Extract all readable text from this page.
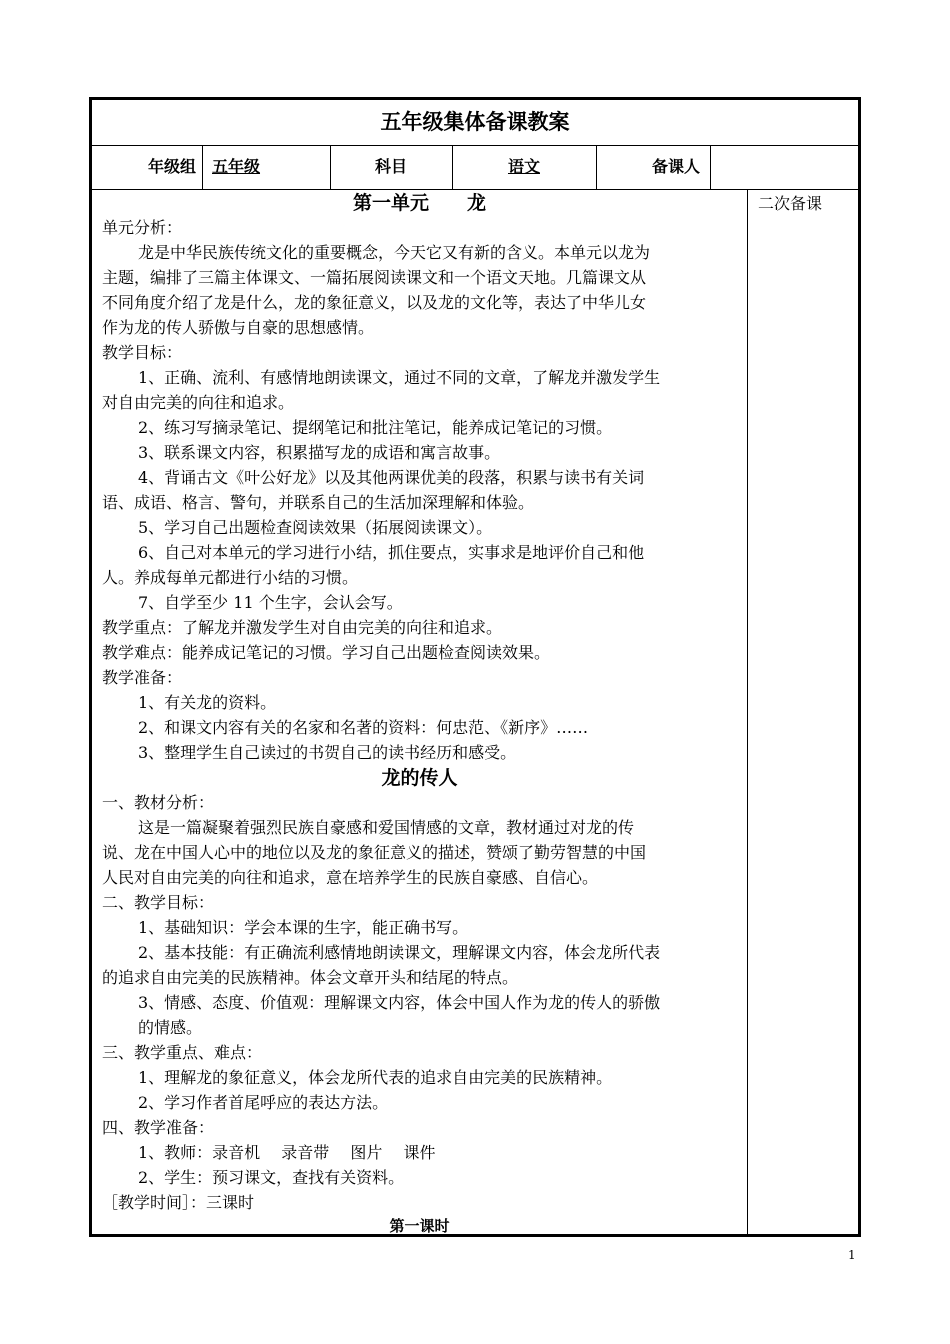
五年级集体备课教案
年级组	五年级	科目	语文	备课人
第一单元　　龙
单元分析：
龙是中华民族传统文化的重要概念，今天它又有新的含义。本单元以龙为
主题，编排了三篇主体课文、一篇拓展阅读课文和一个语文天地。几篇课文从
不同角度介绍了龙是什么，龙的象征意义，以及龙的文化等，表达了中华儿女
作为龙的传人骄傲与自豪的思想感情。
教学目标：
1、正确、流利、有感情地朗读课文，通过不同的文章，了解龙并激发学生
对自由完美的向往和追求。
2、练习写摘录笔记、提纲笔记和批注笔记，能养成记笔记的习惯。
3、联系课文内容，积累描写龙的成语和寓言故事。
4、背诵古文《叶公好龙》以及其他两课优美的段落，积累与读书有关词
语、成语、格言、警句，并联系自己的生活加深理解和体验。
5、学习自己出题检查阅读效果（拓展阅读课文）。
6、自己对本单元的学习进行小结，抓住要点，实事求是地评价自己和他
人。养成每单元都进行小结的习惯。
7、自学至少 11 个生字，会认会写。
教学重点：了解龙并激发学生对自由完美的向往和追求。
教学难点：能养成记笔记的习惯。学习自己出题检查阅读效果。
教学准备：
1、有关龙的资料。
2、和课文内容有关的名家和名著的资料：何忠范、《新序》……
3、整理学生自己读过的书贺自己的读书经历和感受。
龙的传人
一、教材分析：
这是一篇凝聚着强烈民族自豪感和爱国情感的文章，教材通过对龙的传
说、龙在中国人心中的地位以及龙的象征意义的描述，赞颂了勤劳智慧的中国
人民对自由完美的向往和追求，意在培养学生的民族自豪感、自信心。
二、教学目标：
1、基础知识：学会本课的生字，能正确书写。
2、基本技能：有正确流利感情地朗读课文，理解课文内容，体会龙所代表
的追求自由完美的民族精神。体会文章开头和结尾的特点。
3、情感、态度、价值观：理解课文内容，体会中国人作为龙的传人的骄傲
的情感。
三、教学重点、难点：
1、理解龙的象征意义，体会龙所代表的追求自由完美的民族精神。
2、学习作者首尾呼应的表达方法。
四、教学准备：
1、教师：录音机　 录音带　 图片　 课件
2、学生：预习课文，查找有关资料。
［教学时间］：三课时
第一课时
二次备课
1
